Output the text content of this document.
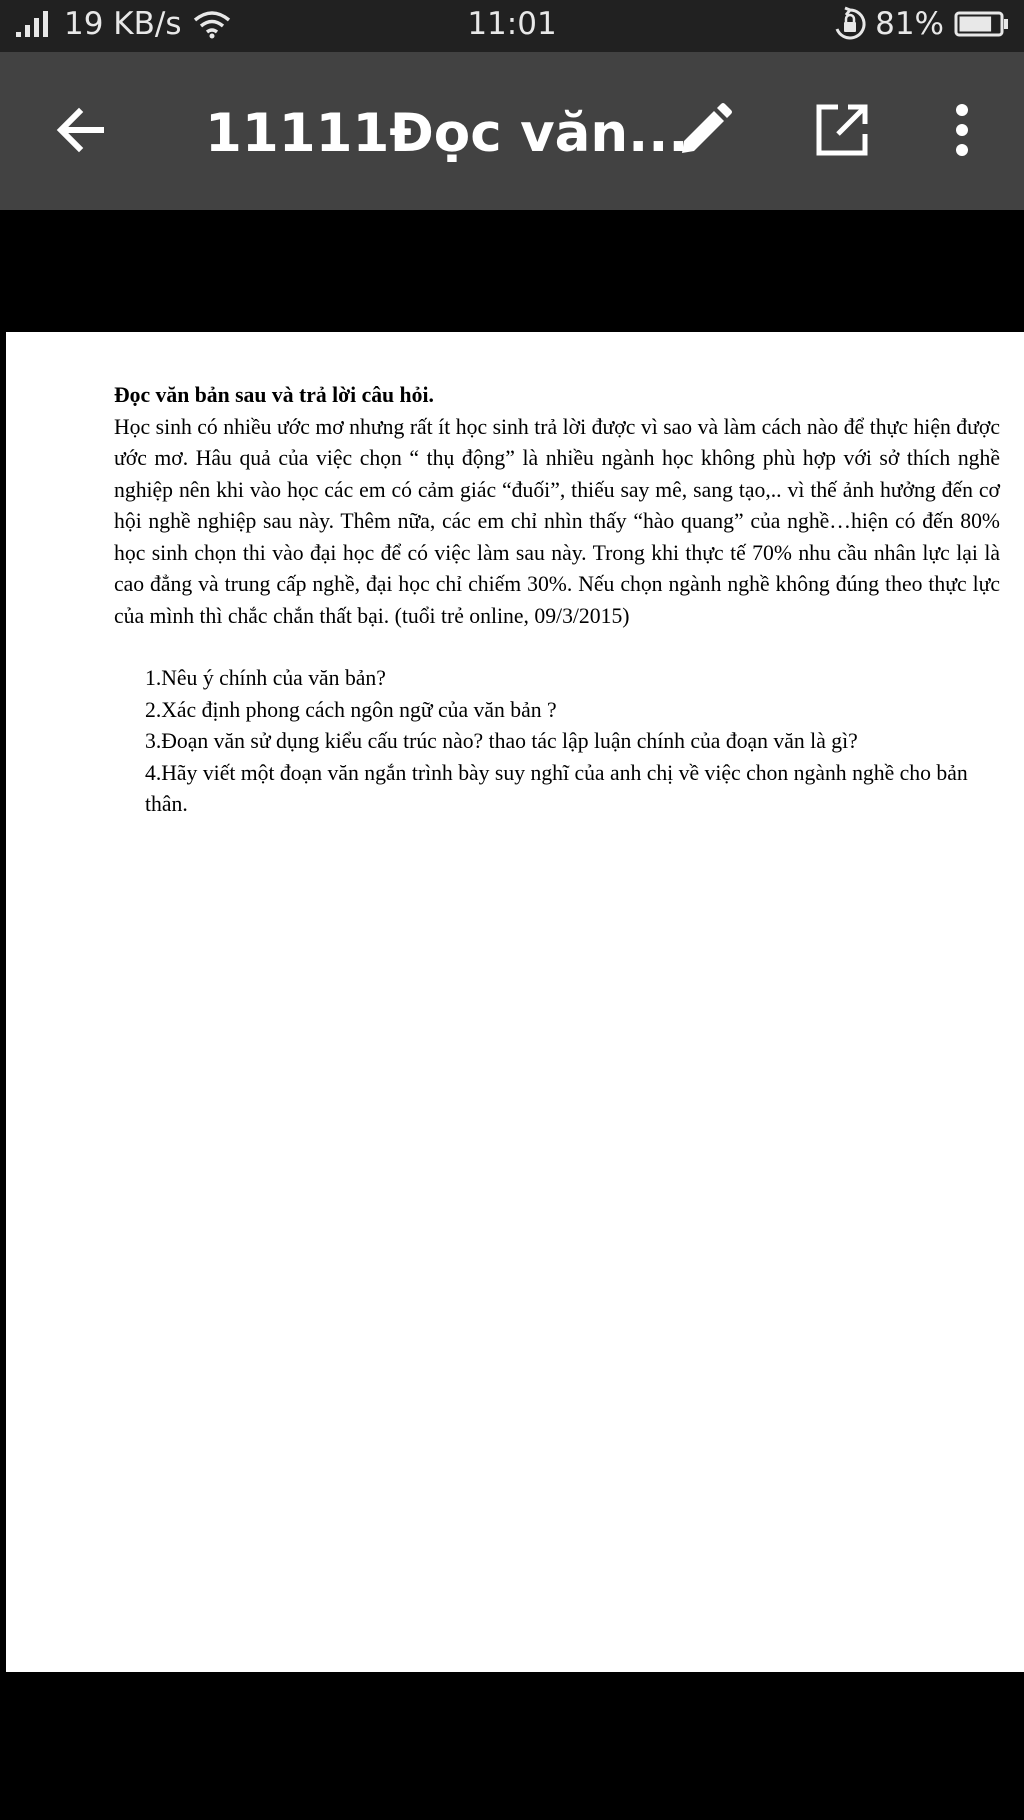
19 KB/s	11:01	81%
11111Đọc văn...
Đọc văn bản sau và trả lời câu hỏi.
Học sinh có nhiều ước mơ nhưng rất ít học sinh trả lời được vì sao và làm cách nào để thực hiện được ước mơ. Hâu quả của việc chọn “ thụ động” là nhiều ngành học không phù hợp với sở thích nghề nghiệp nên khi vào học các em có cảm giác “đuối”, thiếu say mê, sang tạo,.. vì thế ảnh hưởng đến cơ hội nghề nghiệp sau này. Thêm nữa, các em chỉ nhìn thấy “hào quang” của nghề…hiện có đến 80% học sinh chọn thi vào đại học để có việc làm sau này. Trong khi thực tế 70% nhu cầu nhân lực lại là cao đẳng và trung cấp nghề, đại học chỉ chiếm 30%. Nếu chọn ngành nghề không đúng theo thực lực của mình thì chắc chắn thất bại. (tuổi trẻ online, 09/3/2015)
1.Nêu ý chính của văn bản?
2.Xác định phong cách ngôn ngữ của văn bản ?
3.Đoạn văn sử dụng kiểu cấu trúc nào? thao tác lập luận chính của đoạn văn là gì?
4.Hãy viết một đoạn văn ngắn trình bày suy nghĩ của anh chị về việc chon ngành nghề cho bản thân.
